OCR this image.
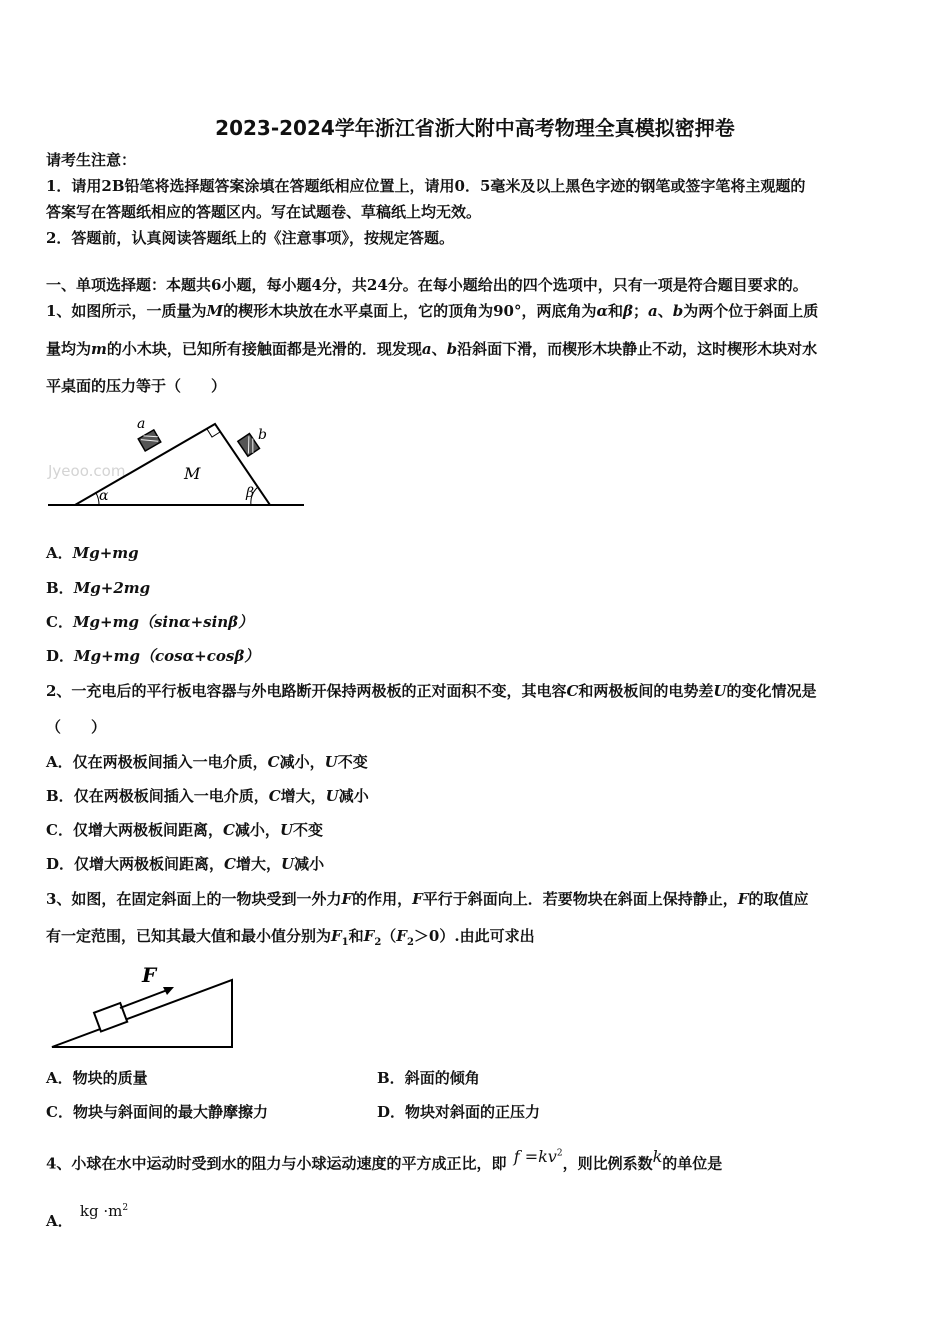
2023-2024学年浙江省浙大附中高考物理全真模拟密押卷
请考生注意：
1．请用2B铅笔将选择题答案涂填在答题纸相应位置上，请用0．5毫米及以上黑色字迹的钢笔或签字笔将主观题的
答案写在答题纸相应的答题区内。写在试题卷、草稿纸上均无效。
2．答题前，认真阅读答题纸上的《注意事项》，按规定答题。
一、单项选择题：本题共6小题，每小题4分，共24分。在每小题给出的四个选项中，只有一项是符合题目要求的。
1、如图所示，一质量为M的楔形木块放在水平桌面上，它的顶角为90°，两底角为α和β；a、b为两个位于斜面上质
量均为m的小木块，已知所有接触面都是光滑的．现发现a、b沿斜面下滑，而楔形木块静止不动，这时楔形木块对水
平桌面的压力等于（　　）
Jyeoo.com
a
b
M
α	β
A．Mg+mg
B．Mg+2mg
C．Mg+mg（sinα+sinβ）
D．Mg+mg（cosα+cosβ）
2、一充电后的平行板电容器与外电路断开保持两极板的正对面积不变，其电容C和两极板间的电势差U的变化情况是
（　　）
A．仅在两极板间插入一电介质，C减小，U不变
B．仅在两极板间插入一电介质，C增大，U减小
C．仅增大两极板间距离，C减小，U不变
D．仅增大两极板间距离，C增大，U减小
3、如图，在固定斜面上的一物块受到一外力F的作用，F平行于斜面向上．若要物块在斜面上保持静止，F的取值应
有一定范围，已知其最大值和最小值分别为$F_1$和$F_2(F_2>0)$.由此可求出
F
A．物块的质量	B．斜面的倾角
C．物块与斜面间的最大静摩擦力	D．物块对斜面的正压力
4、小球在水中运动时受到水的阻力与小球运动速度的平方成正比，即 $f =kv^2$，则比例系数k的单位是
A． kg $\cdot m^2$
